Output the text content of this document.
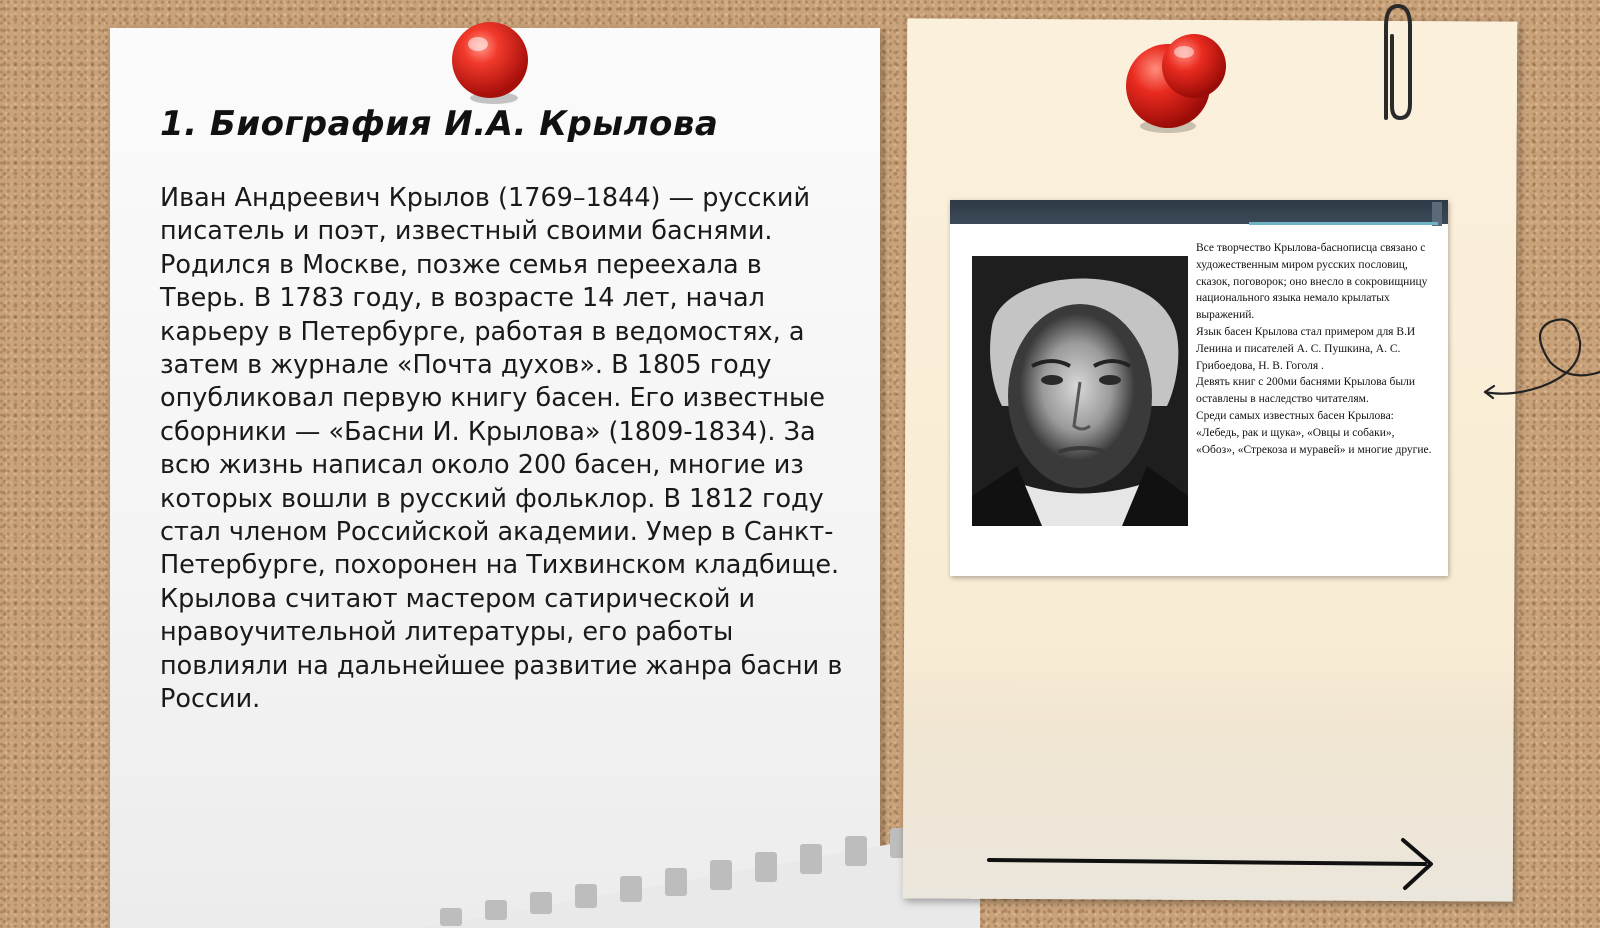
1. Биография И.А. Крылова

Иван Андреевич Крылов (1769–1844) — русский писатель и поэт, известный своими баснями. Родился в Москве, позже семья переехала в Тверь. В 1783 году, в возрасте 14 лет, начал карьеру в Петербурге, работая в ведомостях, а затем в журнале «Почта духов». В 1805 году опубликовал первую книгу басен. Его известные сборники — «Басни И. Крылова» (1809-1834). За всю жизнь написал около 200 басен, многие из которых вошли в русский фольклор. В 1812 году стал членом Российской академии. Умер в Санкт-Петербурге, похоронен на Тихвинском кладбище. Крылова считают мастером сатирической и нравоучительной литературы, его работы повлияли на дальнейшее развитие жанра басни в России.

Все творчество Крылова-баснописца связано с художественным миром русских пословиц, сказок, поговорок; оно внесло в сокровищницу национального языка немало крылатых выражений.

Язык басен Крылова стал примером для В.И Ленина и писателей А. С. Пушкина, А. С. Грибоедова, Н. В. Гоголя .

Девять книг с 200ми баснями Крылова были оставлены в наследство читателям.

Среди самых известных басен Крылова: «Лебедь, рак и щука», «Овцы и собаки», «Обоз», «Стрекоза и муравей» и многие другие.
